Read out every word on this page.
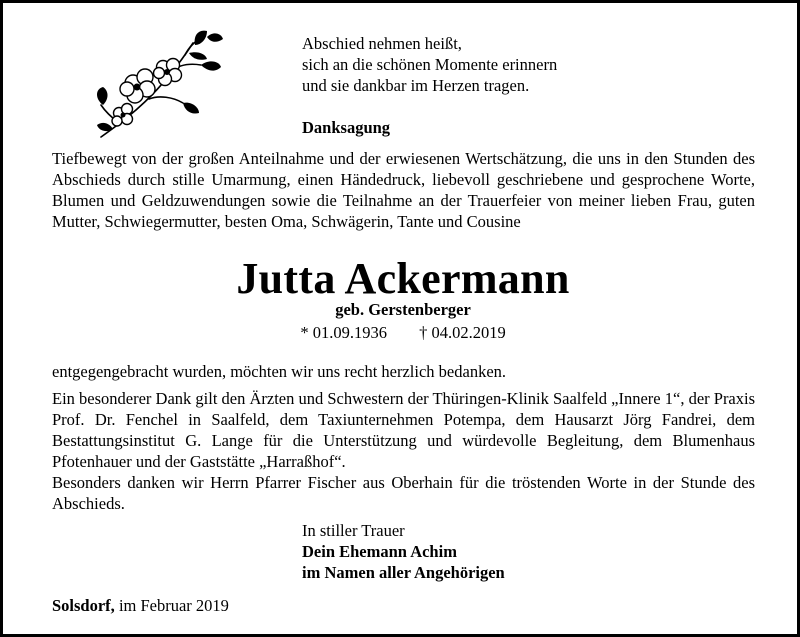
Abschied nehmen heißt,
sich an die schönen Momente erinnern
und sie dankbar im Herzen tragen.
Danksagung
Tiefbewegt von der großen Anteilnahme und der erwiesenen Wertschätzung, die uns in den Stunden des Abschieds durch stille Umarmung, einen Händedruck, liebevoll geschriebene und gesprochene Worte, Blumen und Geldzuwendungen sowie die Teilnahme an der Trauerfeier von meiner lieben Frau, guten Mutter, Schwiegermutter, besten Oma, Schwägerin, Tante und Cousine
Jutta Ackermann
geb. Gerstenberger
* 01.09.1936 † 04.02.2019
entgegengebracht wurden, möchten wir uns recht herzlich bedanken.
Ein besonderer Dank gilt den Ärzten und Schwestern der Thüringen-Klinik Saalfeld „Innere 1“, der Praxis Prof. Dr. Fenchel in Saalfeld, dem Taxiunternehmen Potempa, dem Hausarzt Jörg Fandrei, dem Bestattungsinstitut G. Lange für die Unterstützung und würdevolle Begleitung, dem Blumenhaus Pfotenhauer und der Gaststätte „Harraßhof“.
Besonders danken wir Herrn Pfarrer Fischer aus Oberhain für die tröstenden Worte in der Stunde des Abschieds.
In stiller Trauer
Dein Ehemann Achim
im Namen aller Angehörigen
Solsdorf, im Februar 2019
